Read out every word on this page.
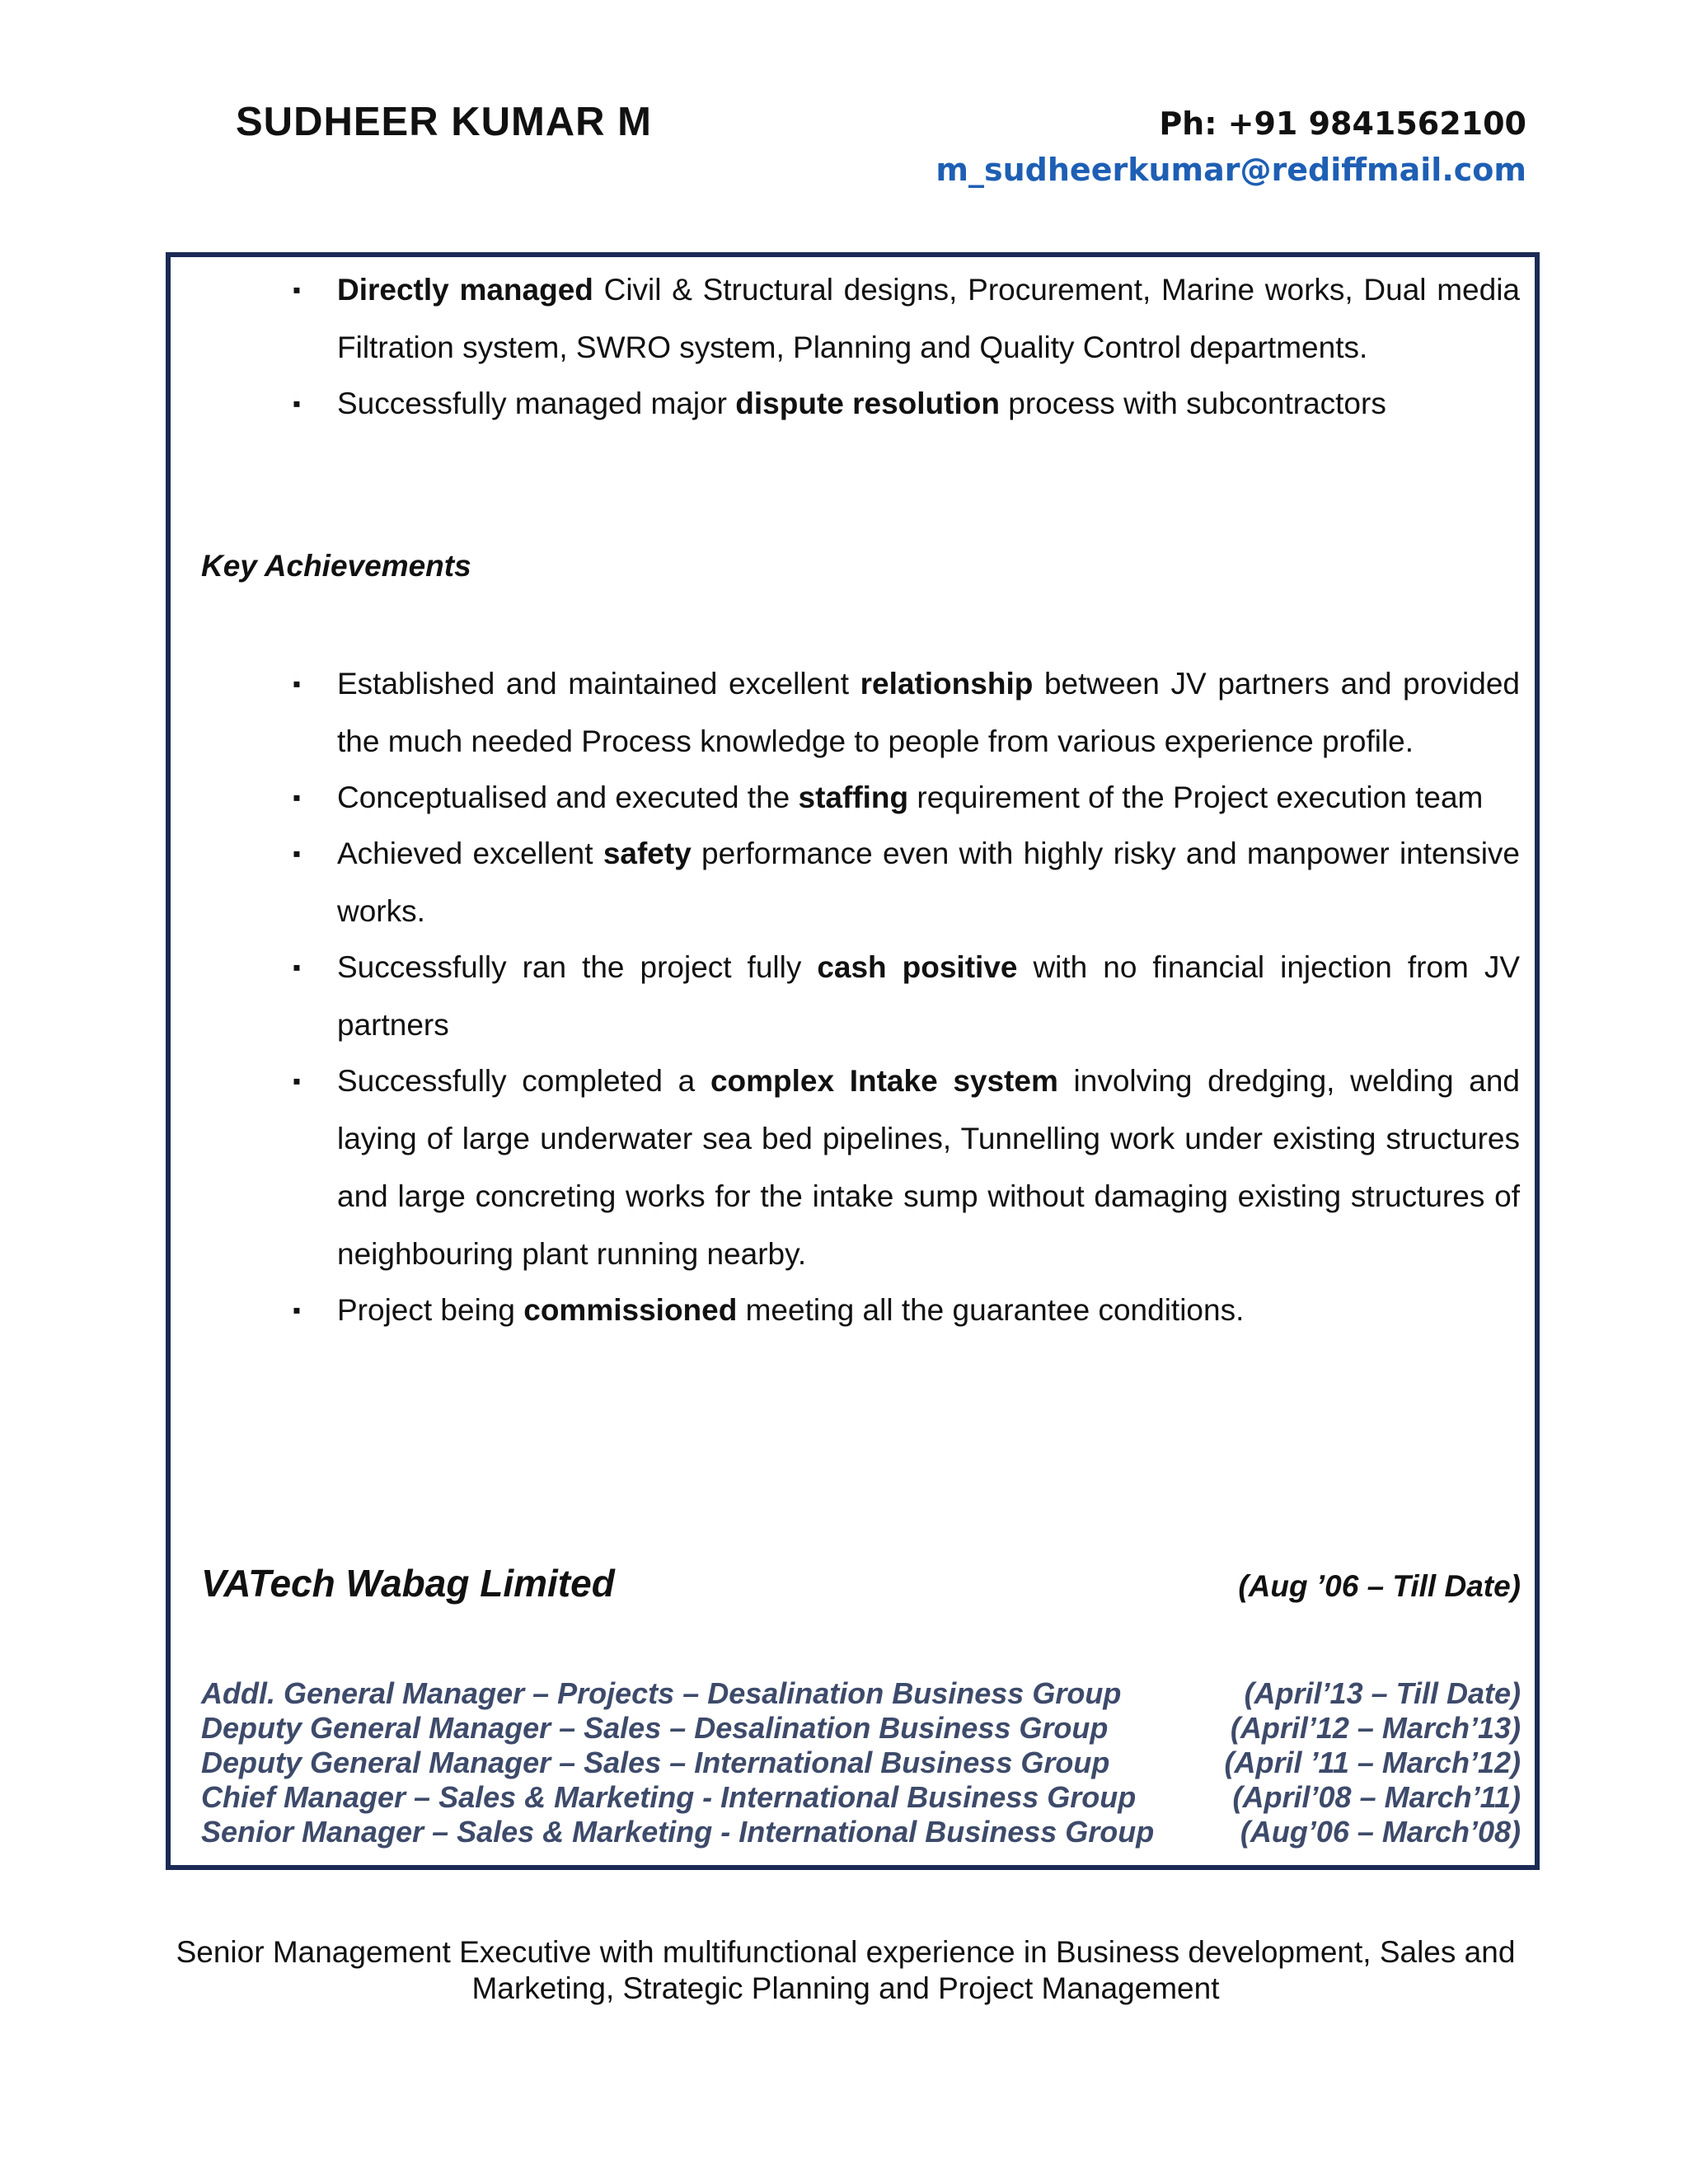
SUDHEER KUMAR M	Ph: +91 9841562100
m_sudheerkumar@rediffmail.com
▪ Directly managed Civil & Structural designs, Procurement, Marine works, Dual media Filtration system, SWRO system, Planning and Quality Control departments.
▪ Successfully managed major dispute resolution process with subcontractors
Key Achievements
▪ Established and maintained excellent relationship between JV partners and provided the much needed Process knowledge to people from various experience profile.
▪ Conceptualised and executed the staffing requirement of the Project execution team
▪ Achieved excellent safety performance even with highly risky and manpower intensive works.
▪ Successfully ran the project fully cash positive with no financial injection from JV partners
▪ Successfully completed a complex Intake system involving dredging, welding and laying of large underwater sea bed pipelines, Tunnelling work under existing structures and large concreting works for the intake sump without damaging existing structures of neighbouring plant running nearby.
▪ Project being commissioned meeting all the guarantee conditions.
VATech Wabag Limited	(Aug ’06 – Till Date)
Addl. General Manager – Projects – Desalination Business Group	(April’13 – Till Date)
Deputy General Manager – Sales – Desalination Business Group	(April’12 – March’13)
Deputy General Manager – Sales – International Business Group	(April ’11 – March’12)
Chief Manager – Sales & Marketing - International Business Group	(April’08 – March’11)
Senior Manager – Sales & Marketing - International Business Group	(Aug’06 – March’08)
Senior Management Executive with multifunctional experience in Business development, Sales and
Marketing, Strategic Planning and Project Management
